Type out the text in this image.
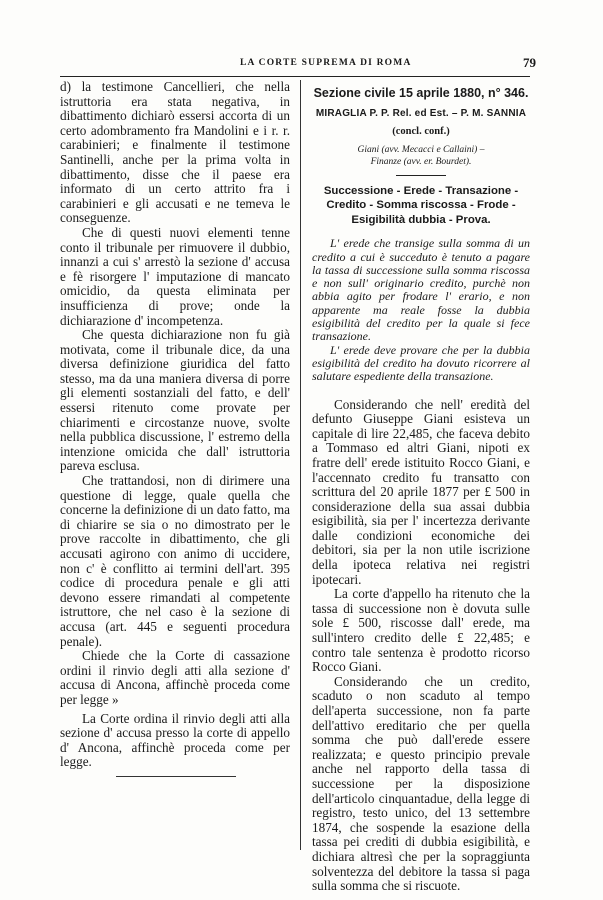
LA CORTE SUPREMA DI ROMA	79

d) la testimone Cancellieri, che nella istruttoria era stata negativa, in dibattimento dichiarò essersi accorta di un certo adombramento fra Mandolini e i r. r. carabinieri; e finalmente il testimone Santinelli, anche per la prima volta in dibattimento, disse che il paese era informato di un certo attrito fra i carabinieri e gli accusati e ne temeva le conseguenze.

Che di questi nuovi elementi tenne conto il tribunale per rimuovere il dubbio, innanzi a cui s' arrestò la sezione d' accusa e fè risorgere l' imputazione di mancato omicidio, da questa eliminata per insufficienza di prove; onde la dichiarazione d' incompetenza.

Che questa dichiarazione non fu già motivata, come il tribunale dice, da una diversa definizione giuridica del fatto stesso, ma da una maniera diversa di porre gli elementi sostanziali del fatto, e dell' essersi ritenuto come provate per chiarimenti e circostanze nuove, svolte nella pubblica discussione, l' estremo della intenzione omicida che dall' istruttoria pareva esclusa.

Che trattandosi, non di dirimere una questione di legge, quale quella che concerne la definizione di un dato fatto, ma di chiarire se sia o no dimostrato per le prove raccolte in dibattimento, che gli accusati agirono con animo di uccidere, non c' è conflitto ai termini dell'art. 395 codice di procedura penale e gli atti devono essere rimandati al competente istruttore, che nel caso è la sezione di accusa (art. 445 e seguenti procedura penale).

Chiede che la Corte di cassazione ordini il rinvio degli atti alla sezione d' accusa di Ancona, affinchè proceda come per legge »

La Corte ordina il rinvio degli atti alla sezione d' accusa presso la corte di appello d' Ancona, affinchè proceda come per legge.

Sezione civile 15 aprile 1880, n° 346.
MIRAGLIA P. P. Rel. ed Est. – P. M. SANNIA
(concl. conf.)
Giani (avv. Mecacci e Callaini) –
Finanze (avv. er. Bourdet).
Successione - Erede - Transazione - Credito - Somma riscossa - Frode - Esigibilità dubbia - Prova.

L' erede che transige sulla somma di un credito a cui è succeduto è tenuto a pagare la tassa di successione sulla somma riscossa e non sull' originario credito, purchè non abbia agito per frodare l' erario, e non apparente ma reale fosse la dubbia esigibilità del credito per la quale si fece transazione.

L' erede deve provare che per la dubbia esigibilità del credito ha dovuto ricorrere al salutare espediente della transazione.

Considerando che nell' eredità del defunto Giuseppe Giani esisteva un capitale di lire 22,485, che faceva debito a Tommaso ed altri Giani, nipoti ex fratre dell' erede istituito Rocco Giani, e l'accennato credito fu transatto con scrittura del 20 aprile 1877 per £ 500 in considerazione della sua assai dubbia esigibilità, sia per l' incertezza derivante dalle condizioni economiche dei debitori, sia per la non utile iscrizione della ipoteca relativa nei registri ipotecari.

La corte d'appello ha ritenuto che la tassa di successione non è dovuta sulle sole £ 500, riscosse dall' erede, ma sull'intero credito delle £ 22,485; e contro tale sentenza è prodotto ricorso Rocco Giani.

Considerando che un credito, scaduto o non scaduto al tempo dell'aperta successione, non fa parte dell'attivo ereditario che per quella somma che può dall'erede essere realizzata; e questo principio prevale anche nel rapporto della tassa di successione per la disposizione dell'articolo cinquantadue, della legge di registro, testo unico, del 13 settembre 1874, che sospende la esazione della tassa pei crediti di dubbia esigibilità, e dichiara altresì che per la sopraggiunta solventezza del debitore la tassa si paga sulla somma che si riscuote.
